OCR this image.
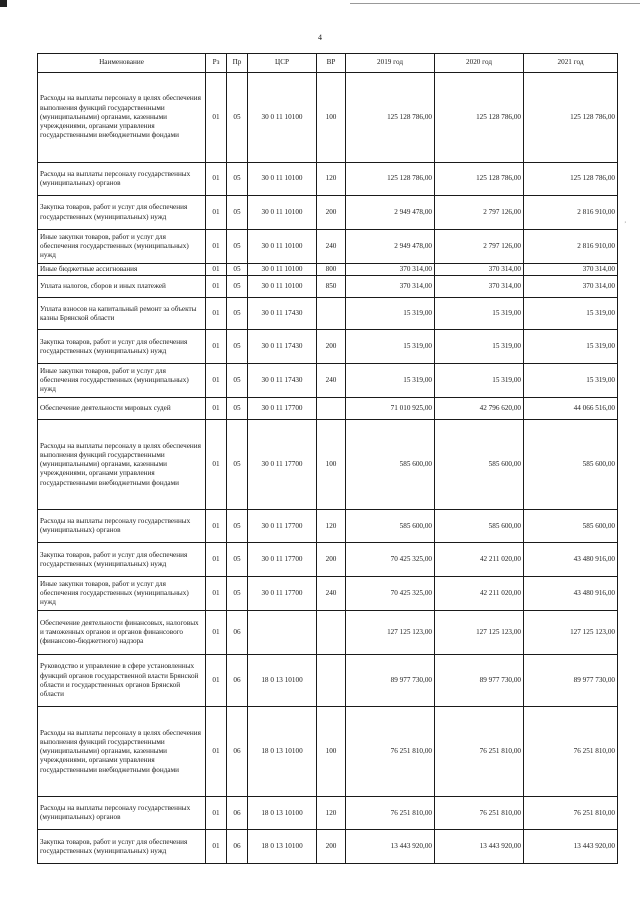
4
,
Наименование	Рз	Пр	ЦСР	ВР	2019 год	2020 год	2021 год
Расходы на выплаты персоналу в целях обеспечения выполнения функций государственными (муниципальными) органами, казенными учреждениями, органами управления государственными внебюджетными фондами	01	05	30 0 11 10100	100	125 128 786,00	125 128 786,00	125 128 786,00
Расходы на выплаты персоналу государственных (муниципальных) органов	01	05	30 0 11 10100	120	125 128 786,00	125 128 786,00	125 128 786,00
Закупка товаров, работ и услуг для обеспечения государственных (муниципальных) нужд	01	05	30 0 11 10100	200	2 949 478,00	2 797 126,00	2 816 910,00
Иные закупки товаров, работ и услуг для обеспечения государственных (муниципальных) нужд	01	05	30 0 11 10100	240	2 949 478,00	2 797 126,00	2 816 910,00
Иные бюджетные ассигнования	01	05	30 0 11 10100	800	370 314,00	370 314,00	370 314,00
Уплата налогов, сборов и иных платежей	01	05	30 0 11 10100	850	370 314,00	370 314,00	370 314,00
Уплата взносов на капитальный ремонт за объекты казны Брянской области	01	05	30 0 11 17430		15 319,00	15 319,00	15 319,00
Закупка товаров, работ и услуг для обеспечения государственных (муниципальных) нужд	01	05	30 0 11 17430	200	15 319,00	15 319,00	15 319,00
Иные закупки товаров, работ и услуг для обеспечения государственных (муниципальных) нужд	01	05	30 0 11 17430	240	15 319,00	15 319,00	15 319,00
Обеспечение деятельности мировых судей	01	05	30 0 11 17700		71 010 925,00	42 796 620,00	44 066 516,00
Расходы на выплаты персоналу в целях обеспечения выполнения функций государственными (муниципальными) органами, казенными учреждениями, органами управления государственными внебюджетными фондами	01	05	30 0 11 17700	100	585 600,00	585 600,00	585 600,00
Расходы на выплаты персоналу государственных (муниципальных) органов	01	05	30 0 11 17700	120	585 600,00	585 600,00	585 600,00
Закупка товаров, работ и услуг для обеспечения государственных (муниципальных) нужд	01	05	30 0 11 17700	200	70 425 325,00	42 211 020,00	43 480 916,00
Иные закупки товаров, работ и услуг для обеспечения государственных (муниципальных) нужд	01	05	30 0 11 17700	240	70 425 325,00	42 211 020,00	43 480 916,00
Обеспечение деятельности финансовых, налоговых и таможенных органов и органов финансового (финансово-бюджетного) надзора	01	06			127 125 123,00	127 125 123,00	127 125 123,00
Руководство и управление в сфере установленных функций органов государственной власти Брянской области и государственных органов Брянской области	01	06	18 0 13 10100		89 977 730,00	89 977 730,00	89 977 730,00
Расходы на выплаты персоналу в целях обеспечения выполнения функций государственными (муниципальными) органами, казенными учреждениями, органами управления государственными внебюджетными фондами	01	06	18 0 13 10100	100	76 251 810,00	76 251 810,00	76 251 810,00
Расходы на выплаты персоналу государственных (муниципальных) органов	01	06	18 0 13 10100	120	76 251 810,00	76 251 810,00	76 251 810,00
Закупка товаров, работ и услуг для обеспечения государственных (муниципальных) нужд	01	06	18 0 13 10100	200	13 443 920,00	13 443 920,00	13 443 920,00
